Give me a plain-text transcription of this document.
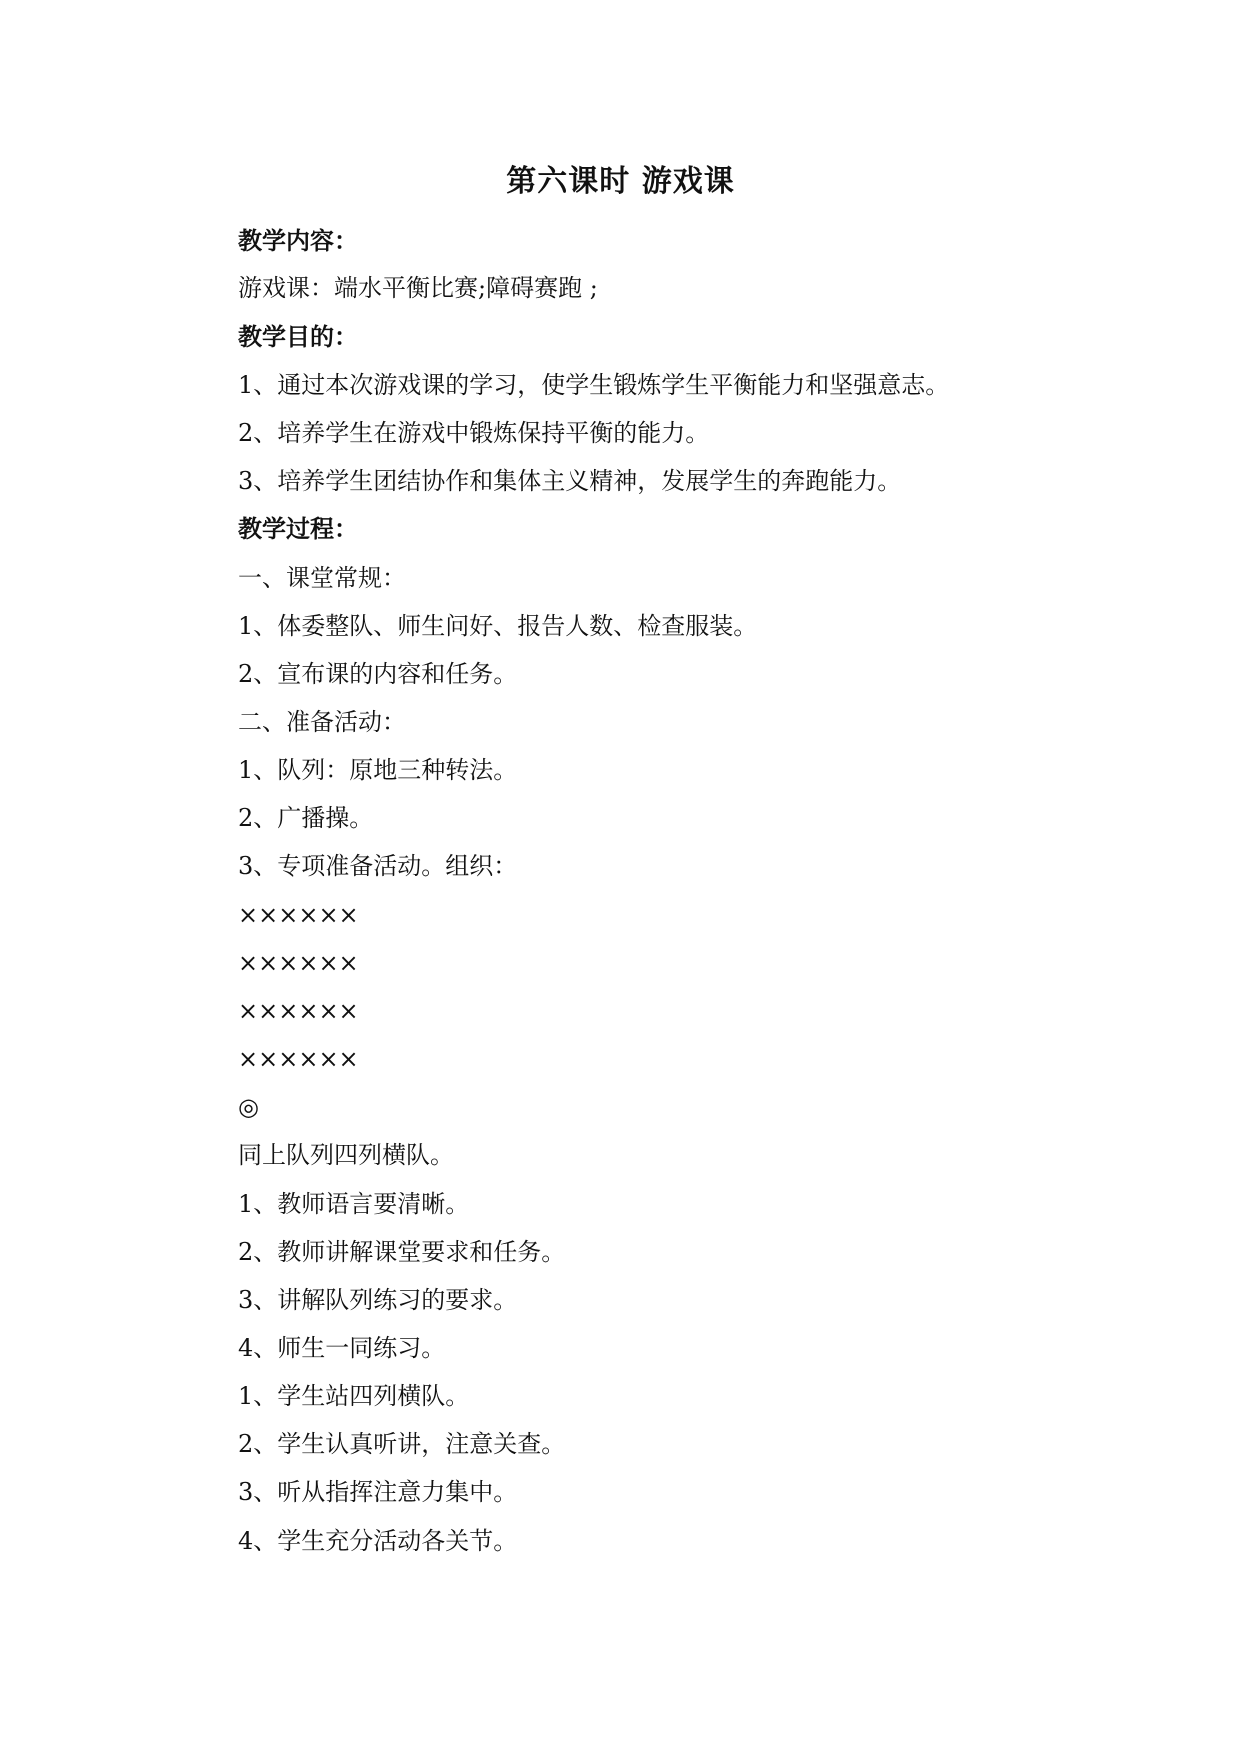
第六课时 游戏课
教学内容：
游戏课：端水平衡比赛;障碍赛跑 ;
教学目的：
1、通过本次游戏课的学习，使学生锻炼学生平衡能力和坚强意志。
2、培养学生在游戏中锻炼保持平衡的能力。
3、培养学生团结协作和集体主义精神，发展学生的奔跑能力。
教学过程：
一、课堂常规：
1、体委整队、师生问好、报告人数、检查服装。
2、宣布课的内容和任务。
二、准备活动：
1、队列：原地三种转法。
2、广播操。
3、专项准备活动。组织：
××××××
××××××
××××××
××××××
◎
同上队列四列横队。
1、教师语言要清晰。
2、教师讲解课堂要求和任务。
3、讲解队列练习的要求。
4、师生一同练习。
1、学生站四列横队。
2、学生认真听讲，注意关查。
3、听从指挥注意力集中。
4、学生充分活动各关节。
